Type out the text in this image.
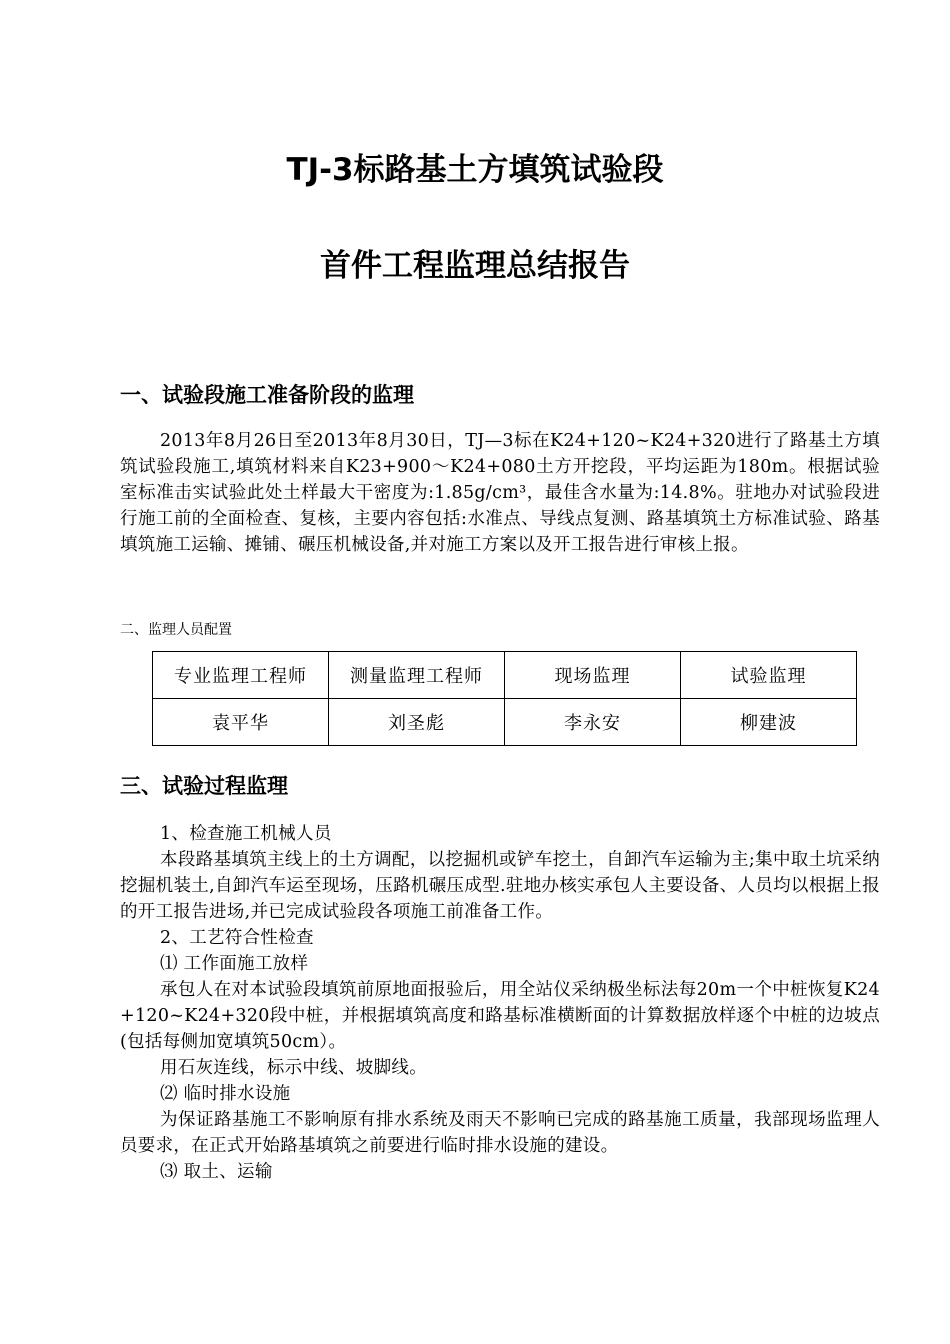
TJ-3标路基土方填筑试验段
首件工程监理总结报告
一、试验段施工准备阶段的监理

2013年8月26日至2013年8月30日，TJ—3标在K24+120~K24+320进行了路基土方填筑试验段施工,填筑材料来自K23+900～K24+080土方开挖段，平均运距为180m。根据试验室标准击实试验此处土样最大干密度为:1.85g/cm³，最佳含水量为:14.8%。驻地办对试验段进行施工前的全面检查、复核，主要内容包括:水准点、导线点复测、路基填筑土方标准试验、路基填筑施工运输、摊铺、碾压机械设备,并对施工方案以及开工报告进行审核上报。

二、监理人员配置

专业监理工程师	测量监理工程师	现场监理	试验监理
袁平华	刘圣彪	李永安	柳建波
三、试验过程监理

1、检查施工机械人员

本段路基填筑主线上的土方调配，以挖掘机或铲车挖土，自卸汽车运输为主;集中取土坑采纳挖掘机装土,自卸汽车运至现场，压路机碾压成型.驻地办核实承包人主要设备、人员均以根据上报的开工报告进场,并已完成试验段各项施工前准备工作。

2、工艺符合性检查

⑴ 工作面施工放样

承包人在对本试验段填筑前原地面报验后，用全站仪采纳极坐标法每20m一个中桩恢复K24+120~K24+320段中桩，并根据填筑高度和路基标准横断面的计算数据放样逐个中桩的边坡点(包括每侧加宽填筑50cm）。

用石灰连线，标示中线、坡脚线。

⑵ 临时排水设施

为保证路基施工不影响原有排水系统及雨天不影响已完成的路基施工质量，我部现场监理人员要求，在正式开始路基填筑之前要进行临时排水设施的建设。

⑶ 取土、运输
